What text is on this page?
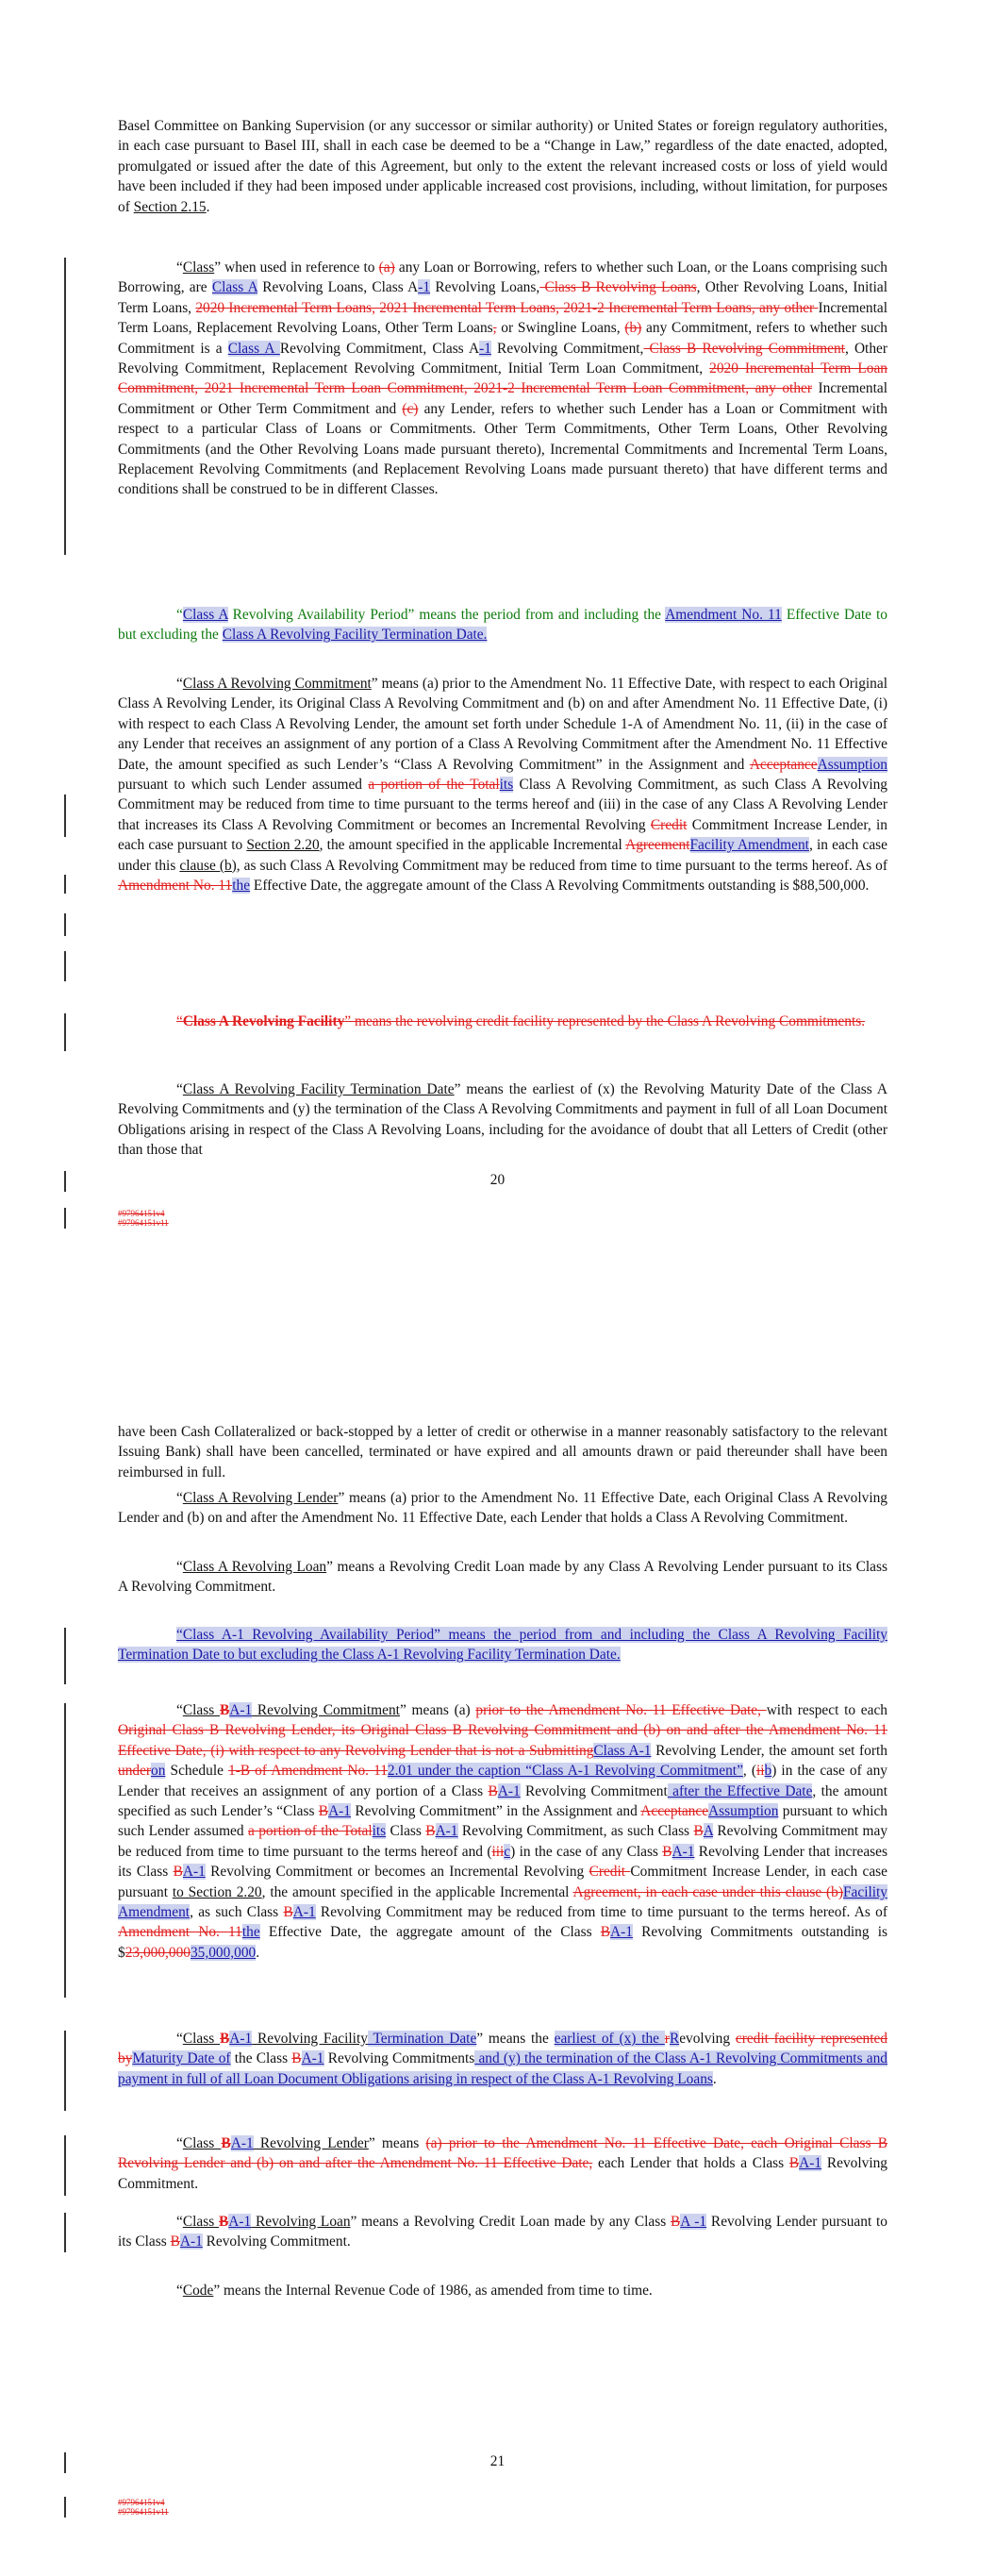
Basel Committee on Banking Supervision (or any successor or similar authority) or United States or foreign regulatory authorities, in each case pursuant to Basel III, shall in each case be deemed to be a “Change in Law,” regardless of the date enacted, adopted, promulgated or issued after the date of this Agreement, but only to the extent the relevant increased costs or loss of yield would have been included if they had been imposed under applicable increased cost provisions, including, without limitation, for purposes of Section 2.15.

“Class” when used in reference to (a) any Loan or Borrowing, refers to whether such Loan, or the Loans comprising such Borrowing, are Class A Revolving Loans, Class A-1 Revolving Loans, Class B Revolving Loans, Other Revolving Loans, Initial Term Loans, 2020 Incremental Term Loans, 2021 Incremental Term Loans, 2021-2 Incremental Term Loans, any other Incremental Term Loans, Replacement Revolving Loans, Other Term Loans, or Swingline Loans, (b) any Commitment, refers to whether such Commitment is a Class A Revolving Commitment, Class A-1 Revolving Commitment, Class B Revolving Commitment, Other Revolving Commitment, Replacement Revolving Commitment, Initial Term Loan Commitment, 2020 Incremental Term Loan Commitment, 2021 Incremental Term Loan Commitment, 2021-2 Incremental Term Loan Commitment, any other Incremental Commitment or Other Term Commitment and (c) any Lender, refers to whether such Lender has a Loan or Commitment with respect to a particular Class of Loans or Commitments. Other Term Commitments, Other Term Loans, Other Revolving Commitments (and the Other Revolving Loans made pursuant thereto), Incremental Commitments and Incremental Term Loans, Replacement Revolving Commitments (and Replacement Revolving Loans made pursuant thereto) that have different terms and conditions shall be construed to be in different Classes.

“Class A Revolving Availability Period” means the period from and including the Amendment No. 11 Effective Date to but excluding the Class A Revolving Facility Termination Date.

“Class A Revolving Commitment” means (a) prior to the Amendment No. 11 Effective Date, with respect to each Original Class A Revolving Lender, its Original Class A Revolving Commitment and (b) on and after Amendment No. 11 Effective Date, (i) with respect to each Class A Revolving Lender, the amount set forth under Schedule 1-A of Amendment No. 11, (ii) in the case of any Lender that receives an assignment of any portion of a Class A Revolving Commitment after the Amendment No. 11 Effective Date, the amount specified as such Lender’s “Class A Revolving Commitment” in the Assignment and AcceptanceAssumption pursuant to which such Lender assumed a portion of the Totalits Class A Revolving Commitment, as such Class A Revolving Commitment may be reduced from time to time pursuant to the terms hereof and (iii) in the case of any Class A Revolving Lender that increases its Class A Revolving Commitment or becomes an Incremental Revolving Credit Commitment Increase Lender, in each case pursuant to Section 2.20, the amount specified in the applicable Incremental AgreementFacility Amendment, in each case under this clause (b), as such Class A Revolving Commitment may be reduced from time to time pursuant to the terms hereof. As of Amendment No. 11the Effective Date, the aggregate amount of the Class A Revolving Commitments outstanding is $88,500,000.

“Class A Revolving Facility” means the revolving credit facility represented by the Class A Revolving Commitments.

“Class A Revolving Facility Termination Date” means the earliest of (x) the Revolving Maturity Date of the Class A Revolving Commitments and (y) the termination of the Class A Revolving Commitments and payment in full of all Loan Document Obligations arising in respect of the Class A Revolving Loans, including for the avoidance of doubt that all Letters of Credit (other than those that

20
#97964151v4
#97964151v11

have been Cash Collateralized or back-stopped by a letter of credit or otherwise in a manner reasonably satisfactory to the relevant Issuing Bank) shall have been cancelled, terminated or have expired and all amounts drawn or paid thereunder shall have been reimbursed in full.

“Class A Revolving Lender” means (a) prior to the Amendment No. 11 Effective Date, each Original Class A Revolving Lender and (b) on and after the Amendment No. 11 Effective Date, each Lender that holds a Class A Revolving Commitment.

“Class A Revolving Loan” means a Revolving Credit Loan made by any Class A Revolving Lender pursuant to its Class A Revolving Commitment.

“Class A-1 Revolving Availability Period” means the period from and including the Class A Revolving Facility Termination Date to but excluding the Class A-1 Revolving Facility Termination Date.

“Class BA-1 Revolving Commitment” means (a) prior to the Amendment No. 11 Effective Date, with respect to each Original Class B Revolving Lender, its Original Class B Revolving Commitment and (b) on and after the Amendment No. 11 Effective Date, (i) with respect to any Revolving Lender that is not a SubmittingClass A-1 Revolving Lender, the amount set forth underon Schedule 1-B of Amendment No. 112.01 under the caption “Class A-1 Revolving Commitment”, (iib) in the case of any Lender that receives an assignment of any portion of a Class BA-1 Revolving Commitment after the Effective Date, the amount specified as such Lender’s “Class BA-1 Revolving Commitment” in the Assignment and AcceptanceAssumption pursuant to which such Lender assumed a portion of the Totalits Class BA-1 Revolving Commitment, as such Class BA Revolving Commitment may be reduced from time to time pursuant to the terms hereof and (iiic) in the case of any Class BA-1 Revolving Lender that increases its Class BA-1 Revolving Commitment or becomes an Incremental Revolving Credit Commitment Increase Lender, in each case pursuant to Section 2.20, the amount specified in the applicable Incremental Agreement, in each case under this clause (b)Facility Amendment, as such Class BA-1 Revolving Commitment may be reduced from time to time pursuant to the terms hereof. As of Amendment No. 11the Effective Date, the aggregate amount of the Class BA-1 Revolving Commitments outstanding is $23,000,00035,000,000.

“Class BA-1 Revolving Facility Termination Date” means the earliest of (x) the rRevolving credit facility represented byMaturity Date of the Class BA-1 Revolving Commitments and (y) the termination of the Class A-1 Revolving Commitments and payment in full of all Loan Document Obligations arising in respect of the Class A-1 Revolving Loans.

“Class BA-1 Revolving Lender” means (a) prior to the Amendment No. 11 Effective Date, each Original Class B Revolving Lender and (b) on and after the Amendment No. 11 Effective Date, each Lender that holds a Class BA-1 Revolving Commitment.

“Class BA-1 Revolving Loan” means a Revolving Credit Loan made by any Class BA -1 Revolving Lender pursuant to its Class BA-1 Revolving Commitment.

“Code” means the Internal Revenue Code of 1986, as amended from time to time.

21
#97964151v4
#97964151v11
